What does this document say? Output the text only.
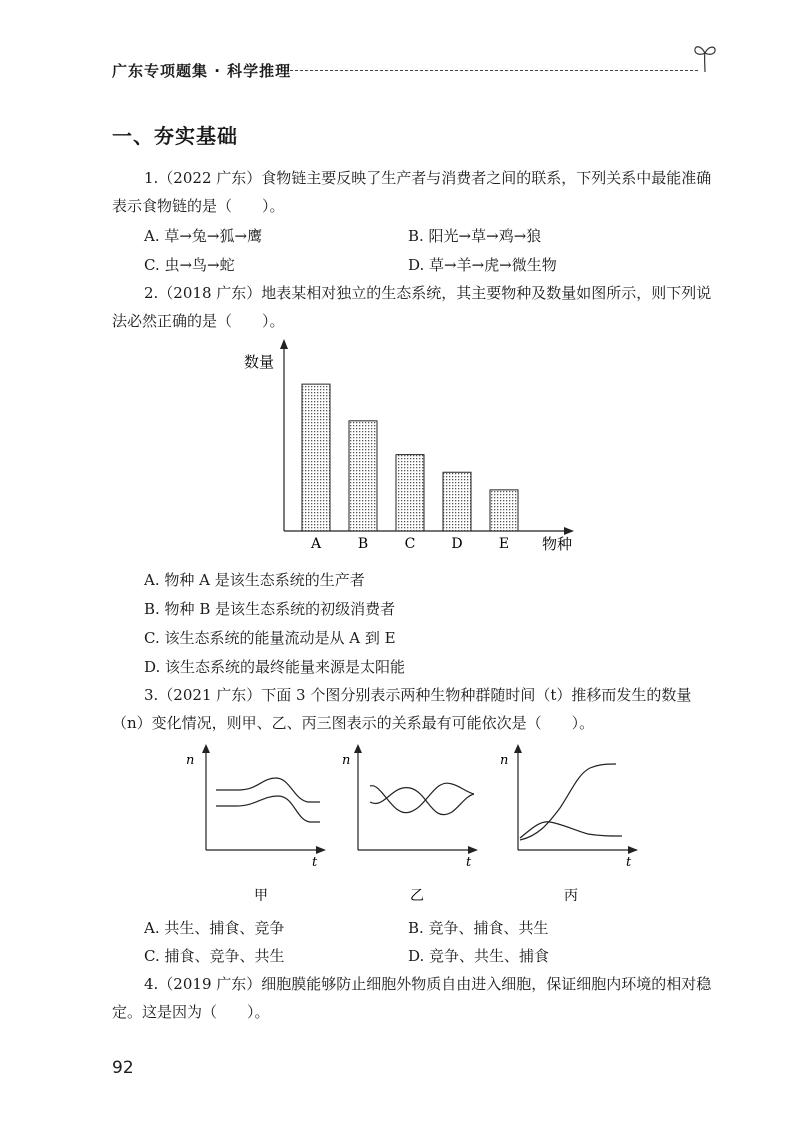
广东专项题集 · 科学推理
一、夯实基础
1.（2022 广东）食物链主要反映了生产者与消费者之间的联系，下列关系中最能准确表示食物链的是（　　）。
A. 草→兔→狐→鹰	B. 阳光→草→鸡→狼
C. 虫→鸟→蛇	D. 草→羊→虎→微生物
2.（2018 广东）地表某相对独立的生态系统，其主要物种及数量如图所示，则下列说法必然正确的是（　　）。
数量
物种
A	B	C	D	E
A. 物种 A 是该生态系统的生产者
B. 物种 B 是该生态系统的初级消费者
C. 该生态系统的能量流动是从 A 到 E
D. 该生态系统的最终能量来源是太阳能
3.（2021 广东）下面 3 个图分别表示两种生物种群随时间（t）推移而发生的数量（n）变化情况，则甲、乙、丙三图表示的关系最有可能依次是（　　）。
n
t
甲
n
t
乙
n
t
丙
A. 共生、捕食、竞争	B. 竞争、捕食、共生
C. 捕食、竞争、共生	D. 竞争、共生、捕食
4.（2019 广东）细胞膜能够防止细胞外物质自由进入细胞，保证细胞内环境的相对稳定。这是因为（　　）。
92
